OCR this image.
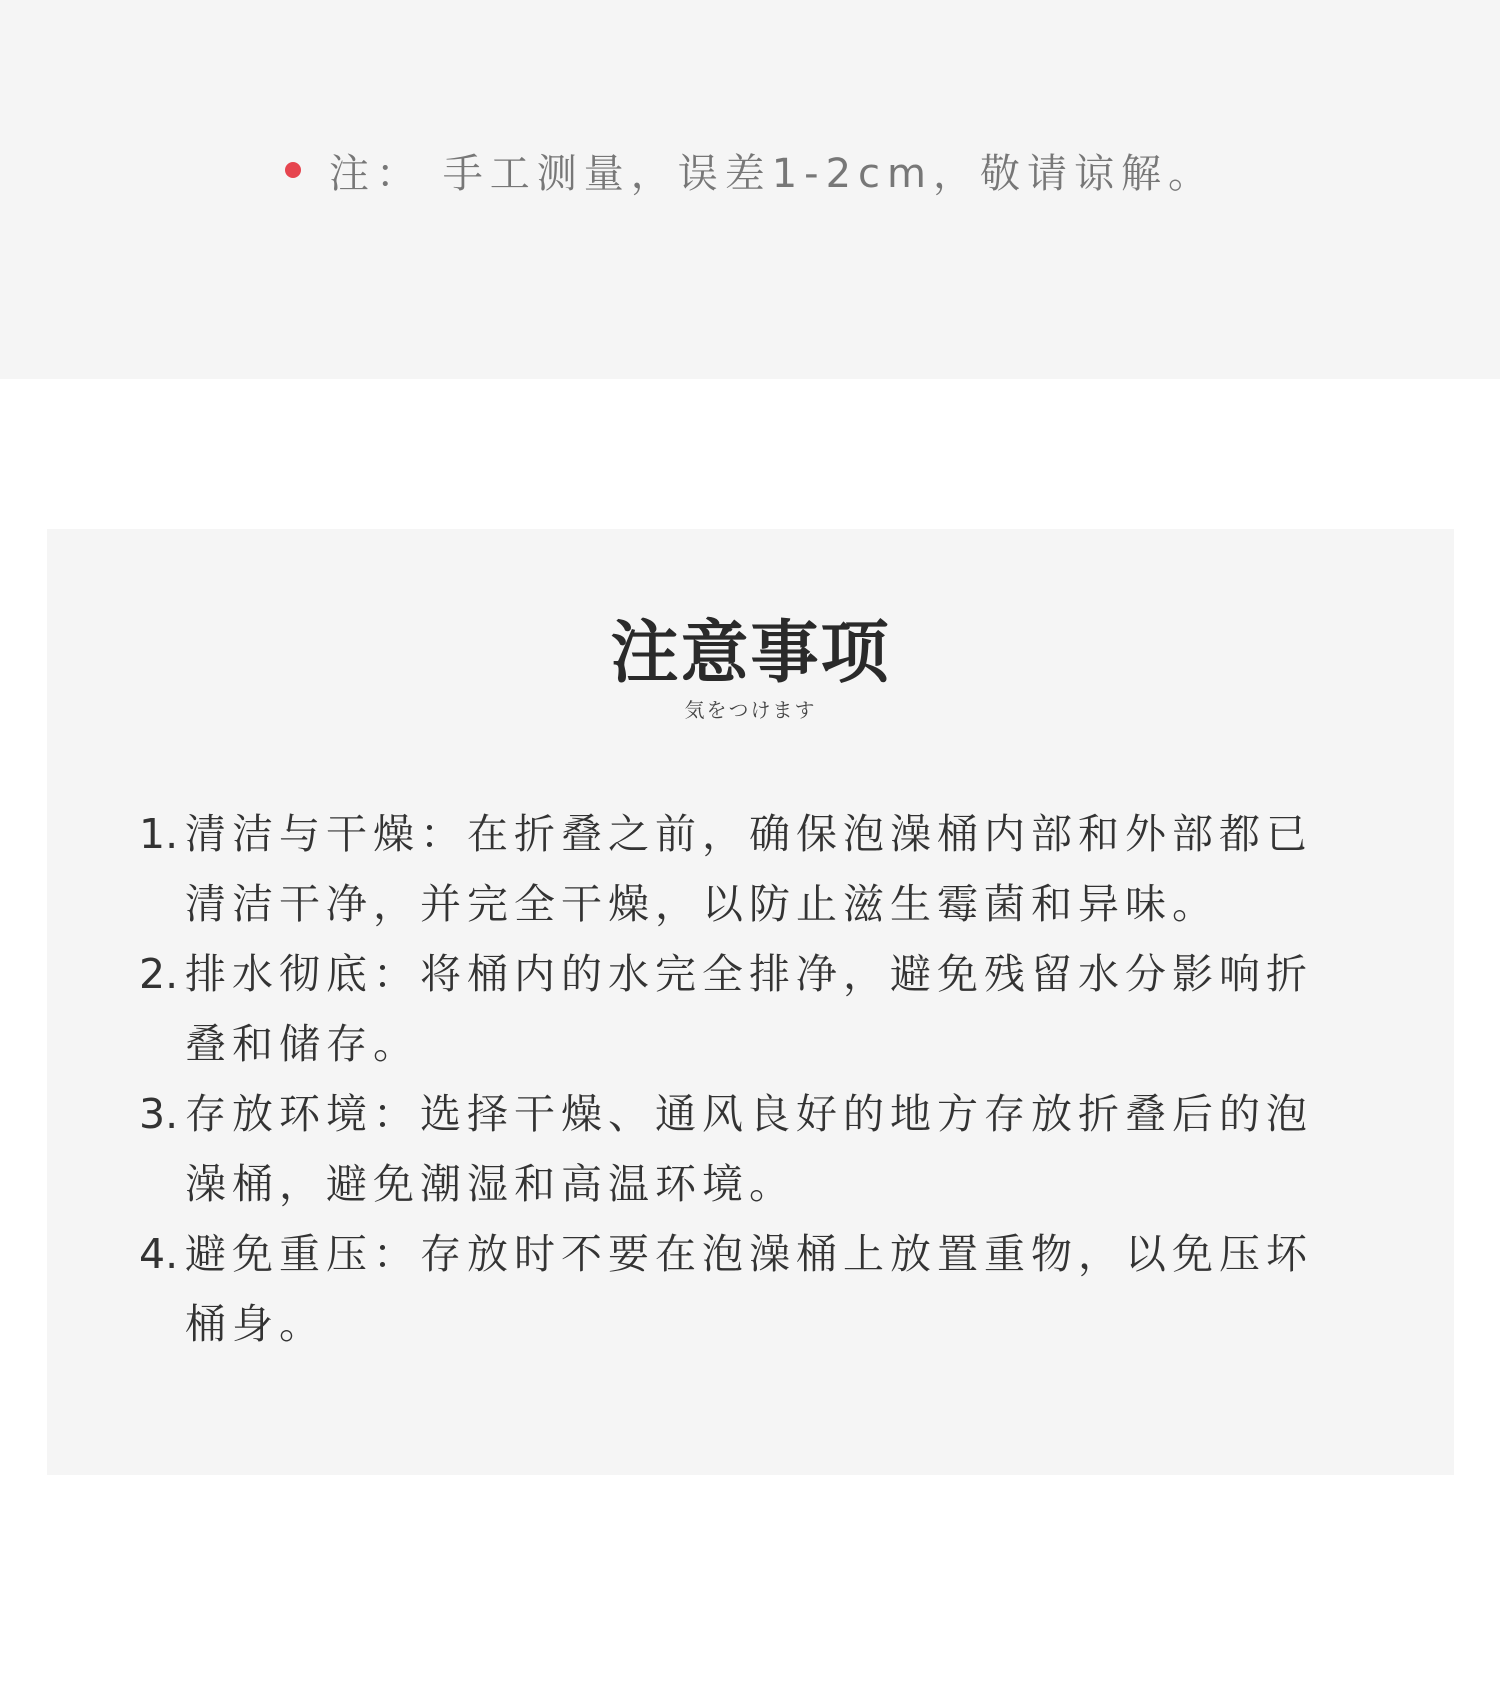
注： 手工测量，误差1-2cm，敬请谅解。
注意事项
気をつけます
1. 清洁与干燥：在折叠之前，确保泡澡桶内部和外部都已
清洁干净，并完全干燥，以防止滋生霉菌和异味。
2. 排水彻底：将桶内的水完全排净，避免残留水分影响折
叠和储存。
3. 存放环境：选择干燥、通风良好的地方存放折叠后的泡
澡桶，避免潮湿和高温环境。
4. 避免重压：存放时不要在泡澡桶上放置重物，以免压坏
桶身。
